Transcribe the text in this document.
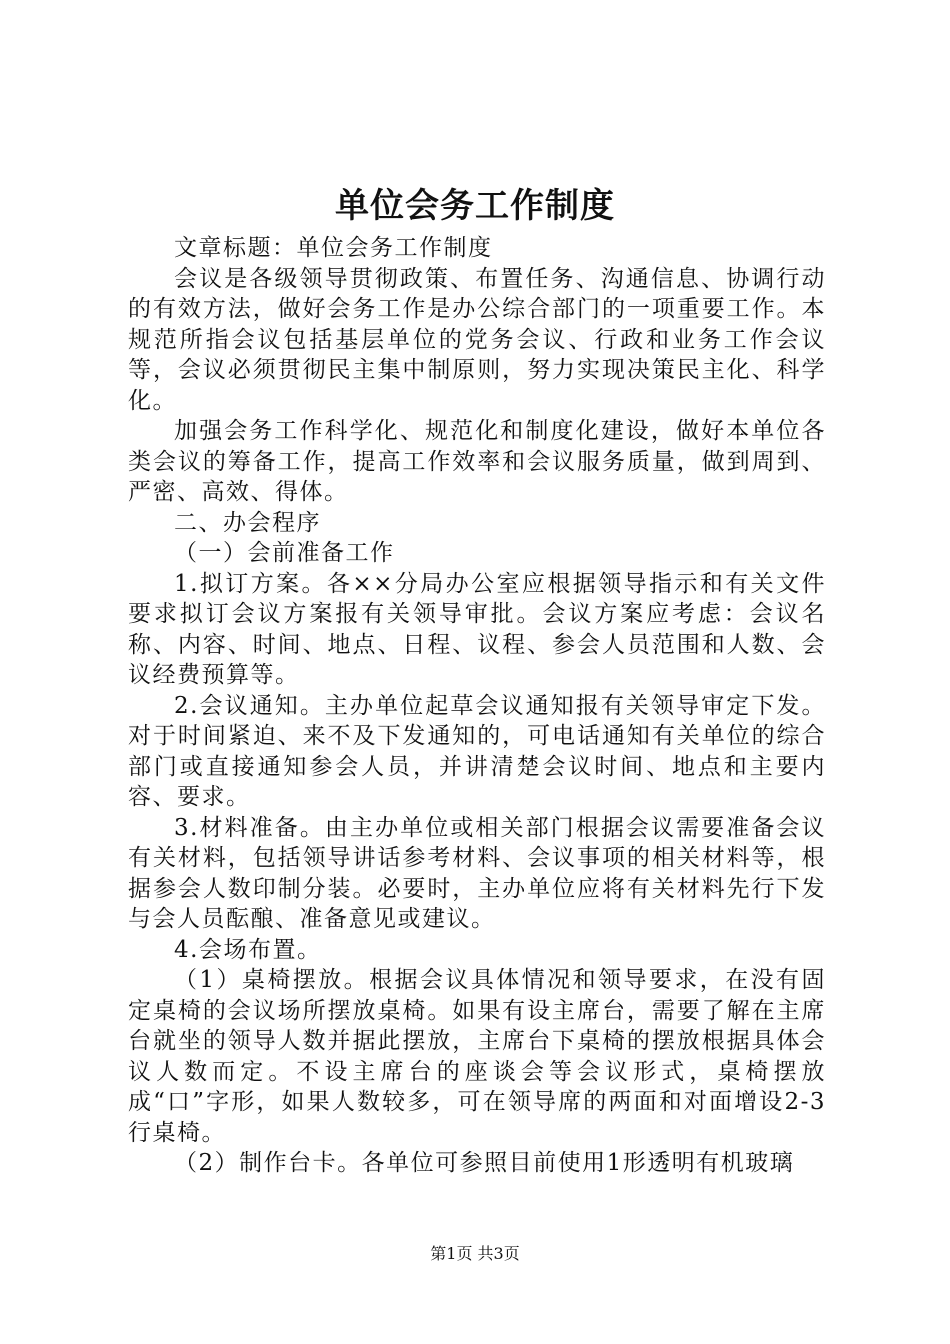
单位会务工作制度

文章标题：单位会务工作制度

会议是各级领导贯彻政策、布置任务、沟通信息、协调行动的有效方法，做好会务工作是办公综合部门的一项重要工作。本规范所指会议包括基层单位的党务会议、行政和业务工作会议等，会议必须贯彻民主集中制原则，努力实现决策民主化、科学化。

加强会务工作科学化、规范化和制度化建设，做好本单位各类会议的筹备工作，提高工作效率和会议服务质量，做到周到、严密、高效、得体。

二、办会程序

（一）会前准备工作

1.拟订方案。各××分局办公室应根据领导指示和有关文件要求拟订会议方案报有关领导审批。会议方案应考虑：会议名称、内容、时间、地点、日程、议程、参会人员范围和人数、会议经费预算等。

2.会议通知。主办单位起草会议通知报有关领导审定下发。对于时间紧迫、来不及下发通知的，可电话通知有关单位的综合部门或直接通知参会人员，并讲清楚会议时间、地点和主要内容、要求。

3.材料准备。由主办单位或相关部门根据会议需要准备会议有关材料，包括领导讲话参考材料、会议事项的相关材料等，根据参会人数印制分装。必要时，主办单位应将有关材料先行下发与会人员酝酿、准备意见或建议。

4.会场布置。

（1）桌椅摆放。根据会议具体情况和领导要求，在没有固定桌椅的会议场所摆放桌椅。如果有设主席台，需要了解在主席台就坐的领导人数并据此摆放，主席台下桌椅的摆放根据具体会议人数而定。不设主席台的座谈会等会议形式，桌椅摆放成“口”字形，如果人数较多，可在领导席的两面和对面增设2-3行桌椅。

（2）制作台卡。各单位可参照目前使用1形透明有机玻璃

第1页 共3页
